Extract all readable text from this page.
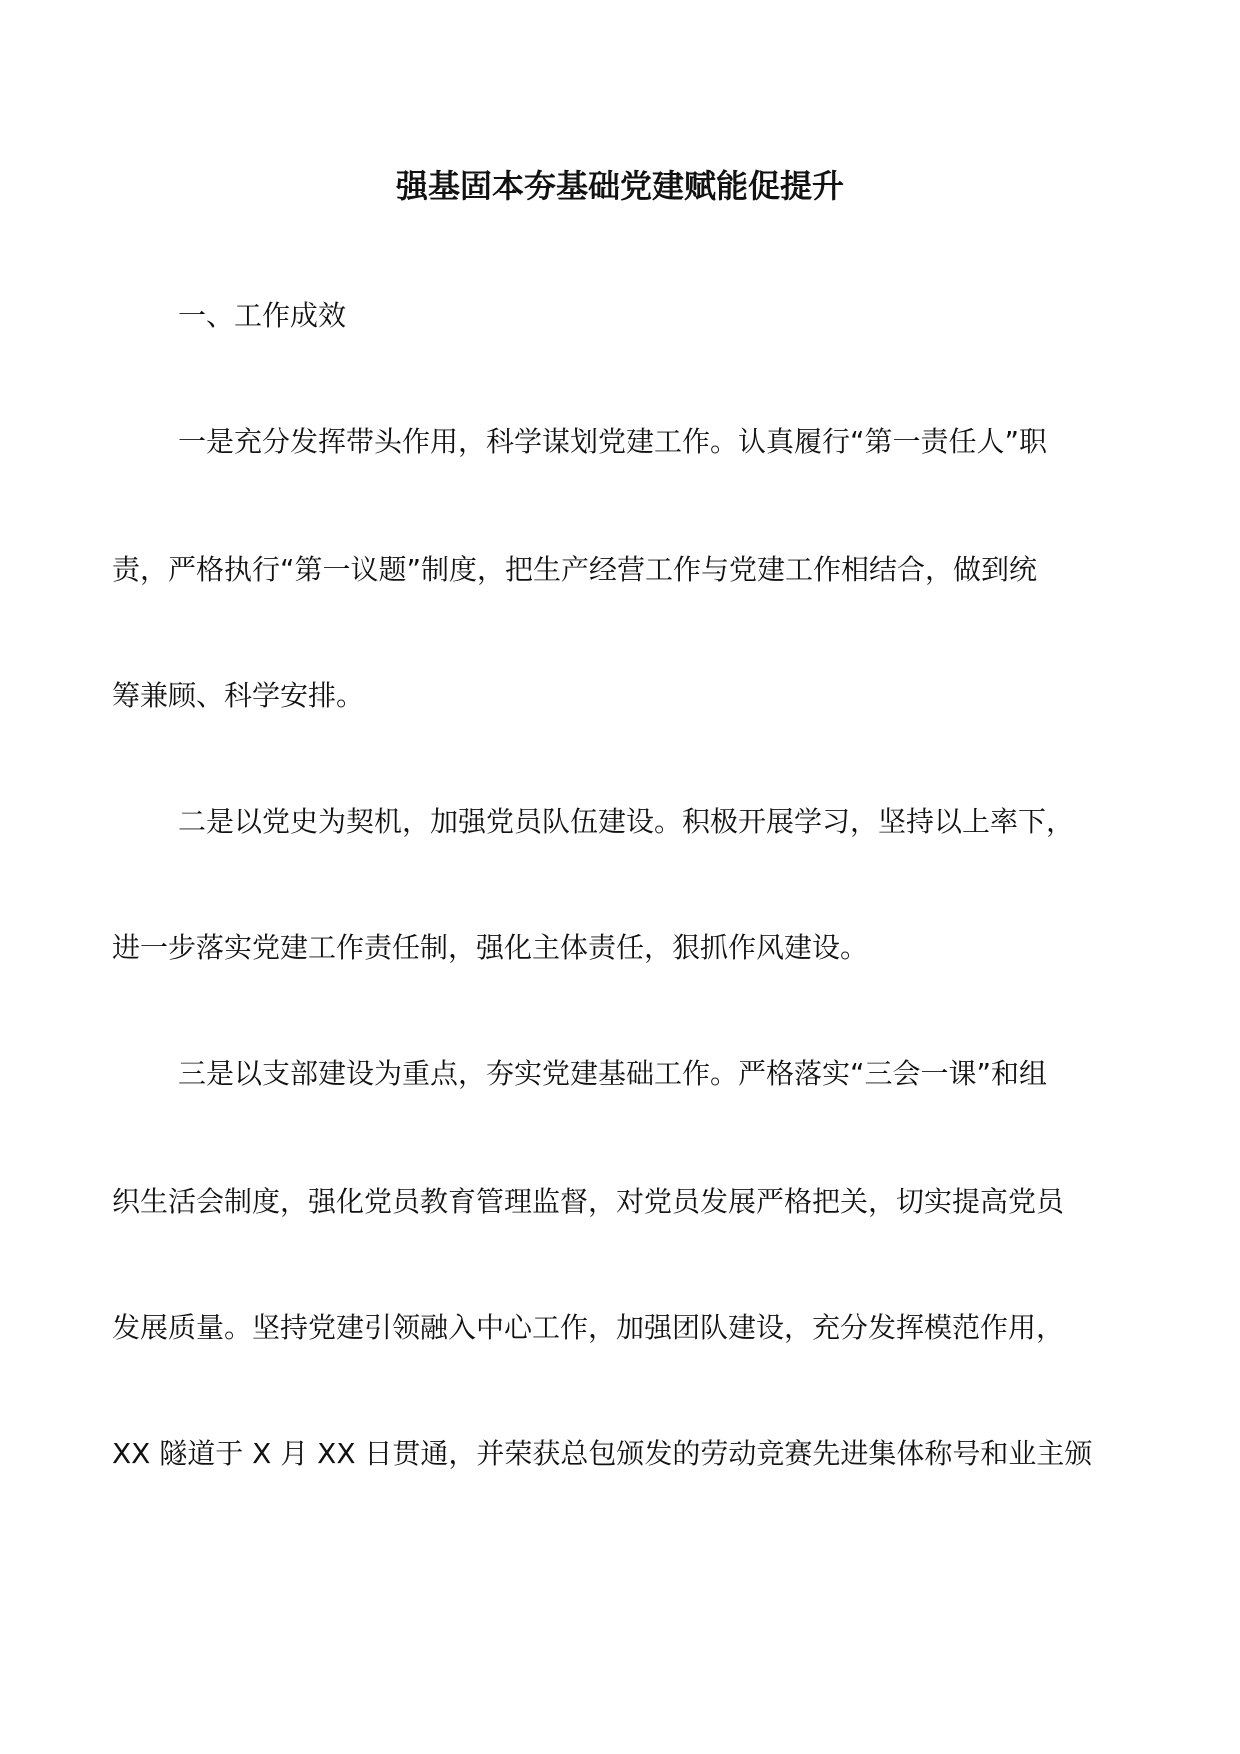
强基固本夯基础党建赋能促提升
一、工作成效
一是充分发挥带头作用，科学谋划党建工作。认真履行“第一责任人”职
责，严格执行“第一议题”制度，把生产经营工作与党建工作相结合，做到统
筹兼顾、科学安排。
二是以党史为契机，加强党员队伍建设。积极开展学习，坚持以上率下，
进一步落实党建工作责任制，强化主体责任，狠抓作风建设。
三是以支部建设为重点，夯实党建基础工作。严格落实“三会一课”和组
织生活会制度，强化党员教育管理监督，对党员发展严格把关，切实提高党员
发展质量。坚持党建引领融入中心工作，加强团队建设，充分发挥模范作用，
XX 隧道于 X 月 XX 日贯通，并荣获总包颁发的劳动竞赛先进集体称号和业主颁
